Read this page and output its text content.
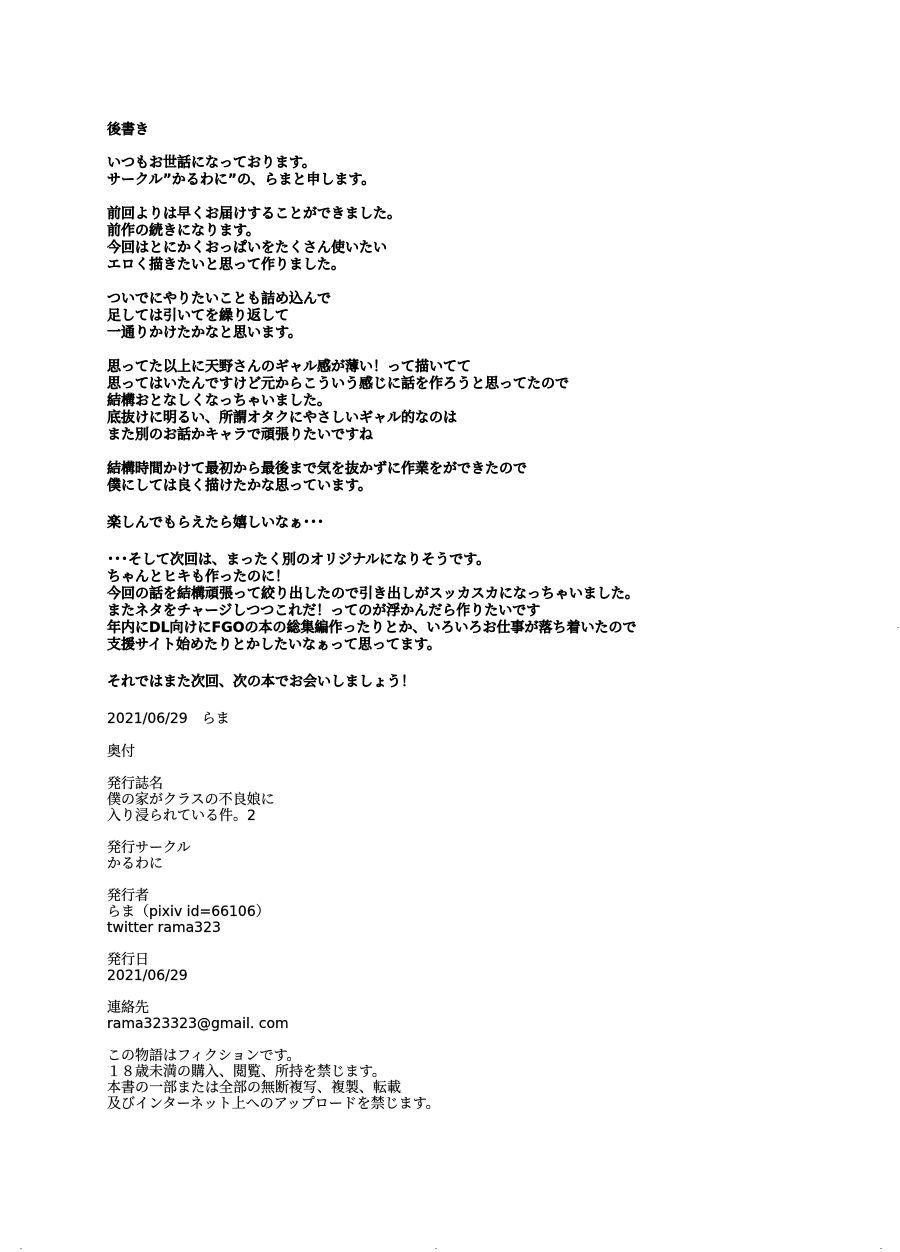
後書き
いつもお世話になっております。
サークル”かるわに”の、らまと申します。
前回よりは早くお届けすることができました。
前作の続きになります。
今回はとにかくおっぱいをたくさん使いたい
エロく描きたいと思って作りました。
ついでにやりたいことも詰め込んで
足しては引いてを繰り返して
一通りかけたかなと思います。
思ってた以上に天野さんのギャル感が薄い！って描いてて
思ってはいたんですけど元からこういう感じに話を作ろうと思ってたので
結構おとなしくなっちゃいました。
底抜けに明るい、所謂オタクにやさしいギャル的なのは
また別のお話かキャラで頑張りたいですね
結構時間かけて最初から最後まで気を抜かずに作業をができたので
僕にしては良く描けたかな思っています。
楽しんでもらえたら嬉しいなぁ･･･
･･･そして次回は、まったく別のオリジナルになりそうです。
ちゃんとヒキも作ったのに！
今回の話を結構頑張って絞り出したので引き出しがスッカスカになっちゃいました。
またネタをチャージしつつこれだ！ってのが浮かんだら作りたいです
年内にDL向けにFGOの本の総集編作ったりとか、いろいろお仕事が落ち着いたので
支援サイト始めたりとかしたいなぁって思ってます。
それではまた次回、次の本でお会いしましょう！
2021/06/29　らま
奥付
発行誌名
僕の家がクラスの不良娘に
入り浸られている件。2
発行サークル
かるわに
発行者
らま（pixiv id=66106）
twitter rama323
発行日
2021/06/29
連絡先
rama323323@gmail. com
この物語はフィクションです。
１８歳未満の購入、閲覧、所持を禁じます。
本書の一部または全部の無断複写、複製、転載
及びインターネット上へのアップロードを禁じます。
